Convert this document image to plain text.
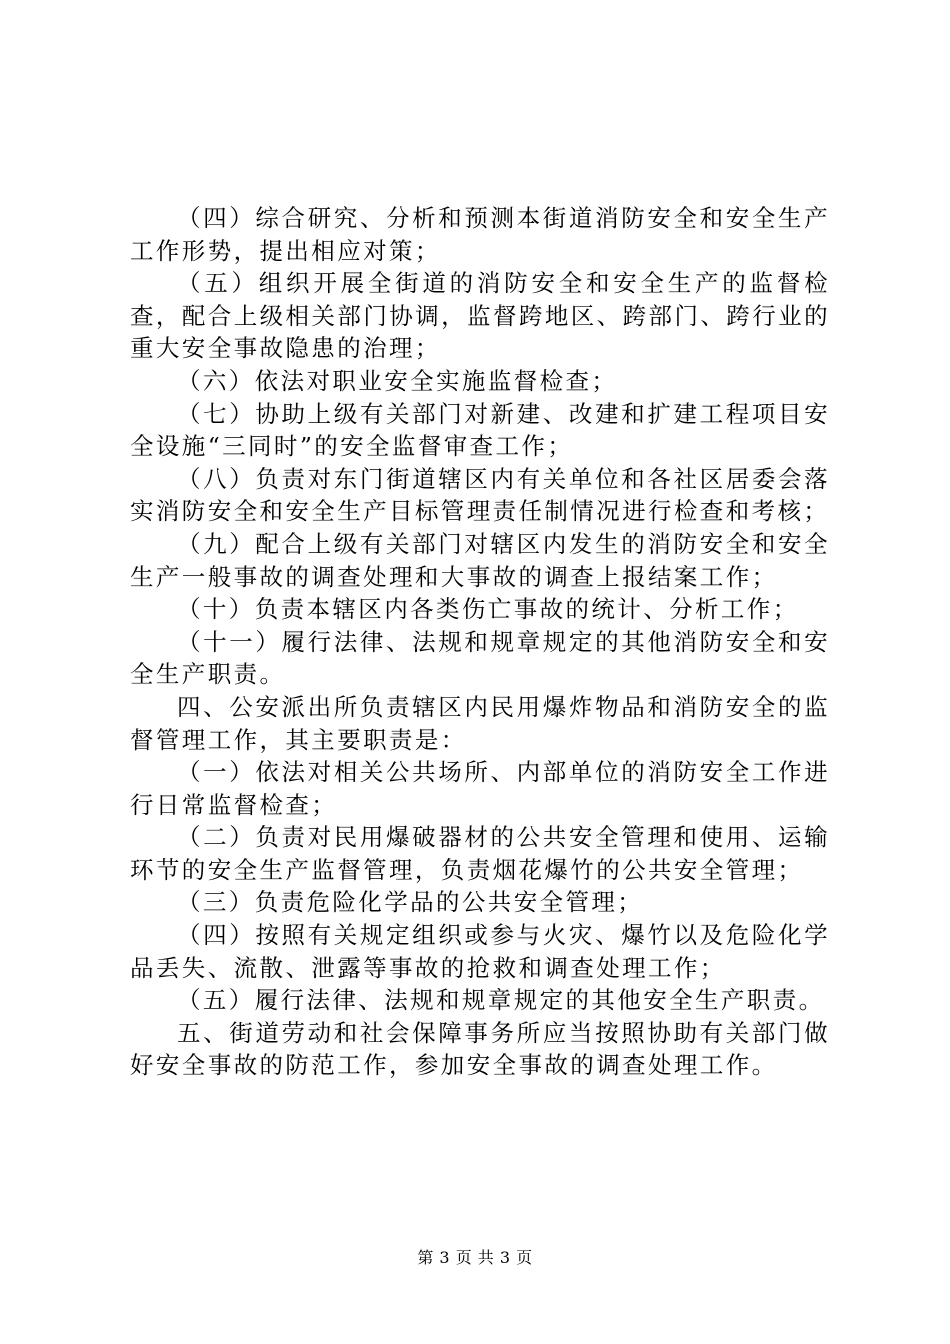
（四）综合研究、分析和预测本街道消防安全和安全生产工作形势，提出相应对策；

（五）组织开展全街道的消防安全和安全生产的监督检查，配合上级相关部门协调，监督跨地区、跨部门、跨行业的重大安全事故隐患的治理；

（六）依法对职业安全实施监督检查；

（七）协助上级有关部门对新建、改建和扩建工程项目安全设施“三同时”的安全监督审查工作；

（八）负责对东门街道辖区内有关单位和各社区居委会落实消防安全和安全生产目标管理责任制情况进行检查和考核；

（九）配合上级有关部门对辖区内发生的消防安全和安全生产一般事故的调查处理和大事故的调查上报结案工作；

（十）负责本辖区内各类伤亡事故的统计、分析工作；

（十一）履行法律、法规和规章规定的其他消防安全和安全生产职责。

四、公安派出所负责辖区内民用爆炸物品和消防安全的监督管理工作，其主要职责是：

（一）依法对相关公共场所、内部单位的消防安全工作进行日常监督检查；

（二）负责对民用爆破器材的公共安全管理和使用、运输环节的安全生产监督管理，负责烟花爆竹的公共安全管理；

（三）负责危险化学品的公共安全管理；

（四）按照有关规定组织或参与火灾、爆竹以及危险化学品丢失、流散、泄露等事故的抢救和调查处理工作；

（五）履行法律、法规和规章规定的其他安全生产职责。

五、街道劳动和社会保障事务所应当按照协助有关部门做好安全事故的防范工作，参加安全事故的调查处理工作。

第 3 页 共 3 页
